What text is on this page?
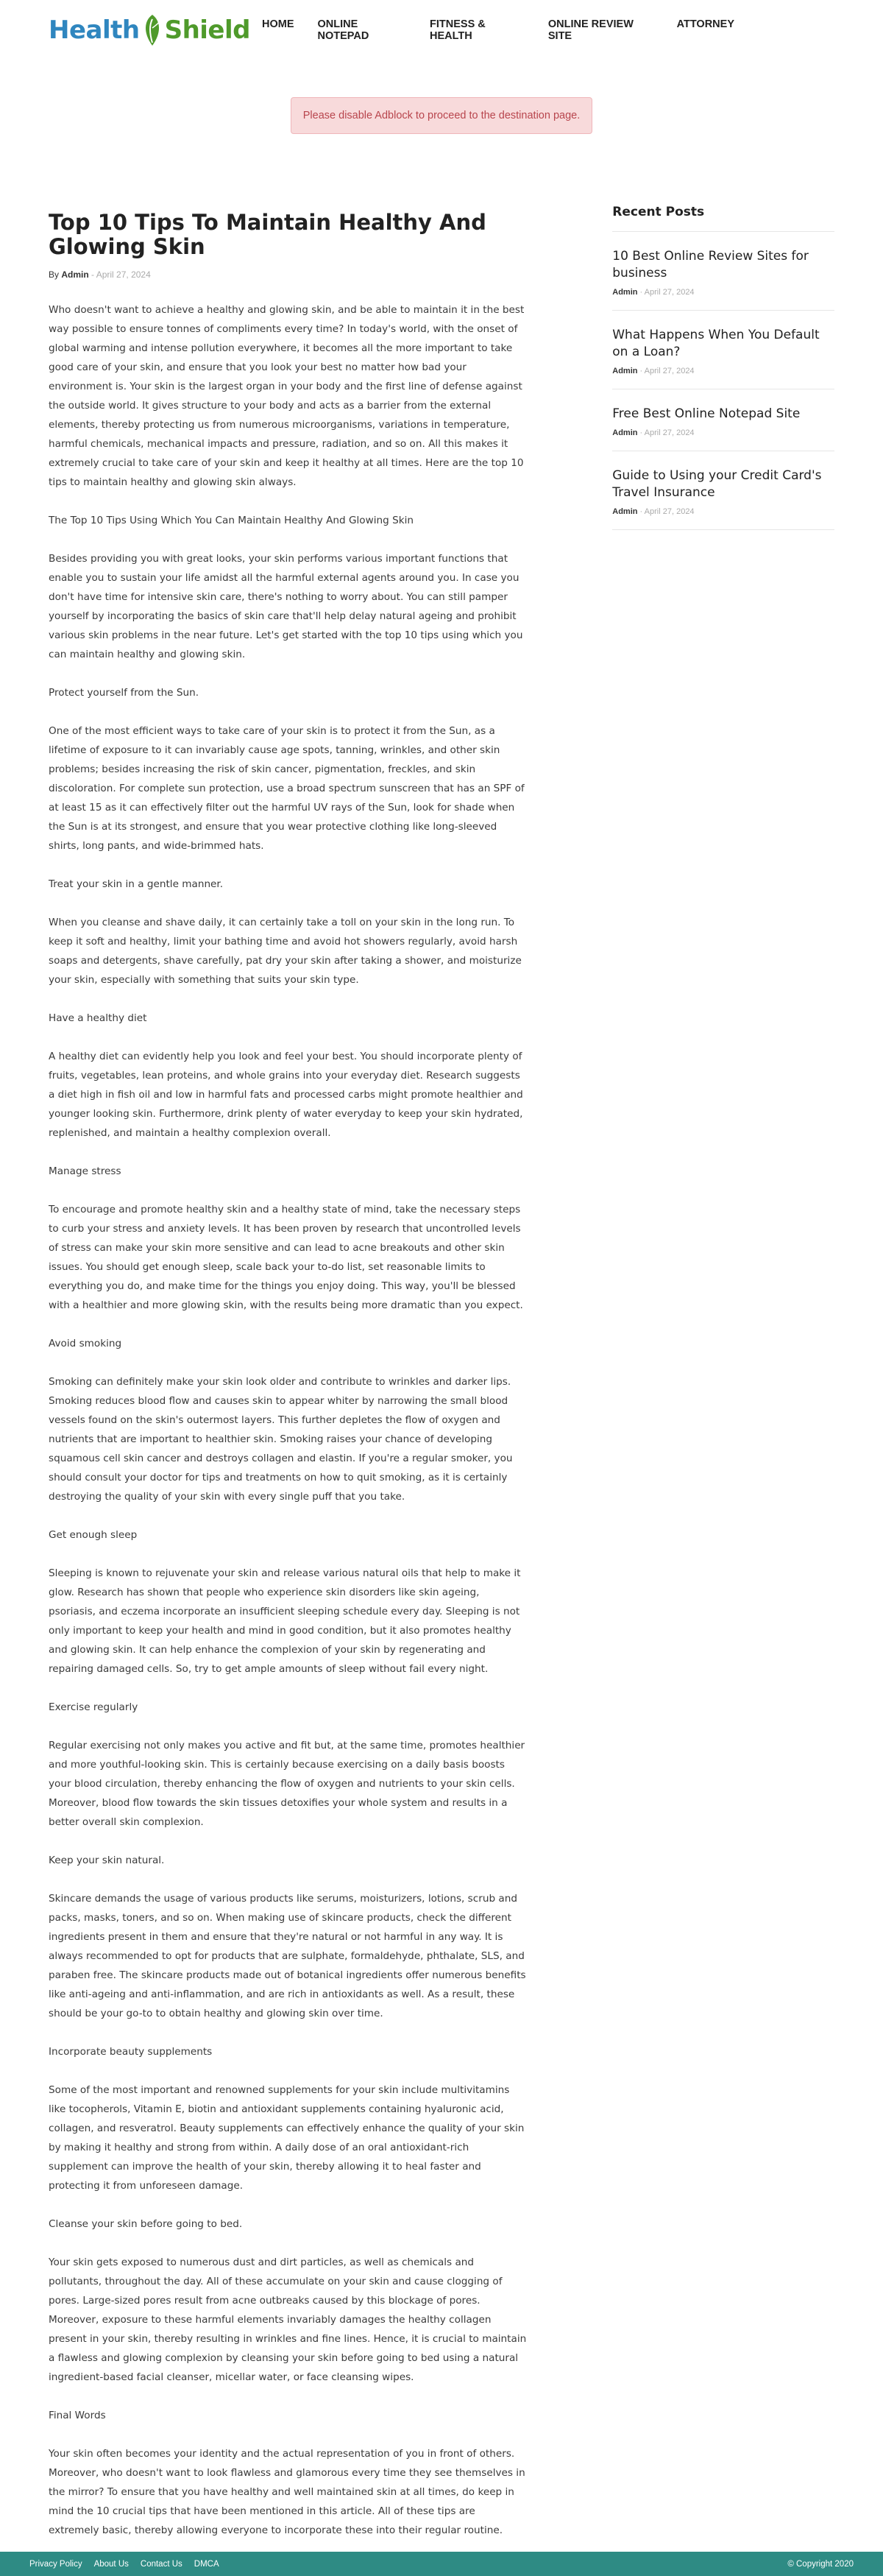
Health Shield	HOME	ONLINE NOTEPAD
FITNESS & HEALTH
ONLINE REVIEW SITE
ATTORNEY
Please disable Adblock to proceed to the destination page.
Top 10 Tips To Maintain Healthy And Glowing Skin
By Admin - April 27, 2024

Who doesn't want to achieve a healthy and glowing skin, and be able to maintain it in the best way possible to ensure tonnes of compliments every time? In today's world, with the onset of global warming and intense pollution everywhere, it becomes all the more important to take good care of your skin, and ensure that you look your best no matter how bad your environment is. Your skin is the largest organ in your body and the first line of defense against the outside world. It gives structure to your body and acts as a barrier from the external elements, thereby protecting us from numerous microorganisms, variations in temperature, harmful chemicals, mechanical impacts and pressure, radiation, and so on. All this makes it extremely crucial to take care of your skin and keep it healthy at all times. Here are the top 10 tips to maintain healthy and glowing skin always.

The Top 10 Tips Using Which You Can Maintain Healthy And Glowing Skin

Besides providing you with great looks, your skin performs various important functions that enable you to sustain your life amidst all the harmful external agents around you. In case you don't have time for intensive skin care, there's nothing to worry about. You can still pamper yourself by incorporating the basics of skin care that'll help delay natural ageing and prohibit various skin problems in the near future. Let's get started with the top 10 tips using which you can maintain healthy and glowing skin.

Protect yourself from the Sun.

One of the most efficient ways to take care of your skin is to protect it from the Sun, as a lifetime of exposure to it can invariably cause age spots, tanning, wrinkles, and other skin problems; besides increasing the risk of skin cancer, pigmentation, freckles, and skin discoloration. For complete sun protection, use a broad spectrum sunscreen that has an SPF of at least 15 as it can effectively filter out the harmful UV rays of the Sun, look for shade when the Sun is at its strongest, and ensure that you wear protective clothing like long-sleeved shirts, long pants, and wide-brimmed hats.

Treat your skin in a gentle manner.

When you cleanse and shave daily, it can certainly take a toll on your skin in the long run. To keep it soft and healthy, limit your bathing time and avoid hot showers regularly, avoid harsh soaps and detergents, shave carefully, pat dry your skin after taking a shower, and moisturize your skin, especially with something that suits your skin type.

Have a healthy diet

A healthy diet can evidently help you look and feel your best. You should incorporate plenty of fruits, vegetables, lean proteins, and whole grains into your everyday diet. Research suggests a diet high in fish oil and low in harmful fats and processed carbs might promote healthier and younger looking skin. Furthermore, drink plenty of water everyday to keep your skin hydrated, replenished, and maintain a healthy complexion overall.

Manage stress

To encourage and promote healthy skin and a healthy state of mind, take the necessary steps to curb your stress and anxiety levels. It has been proven by research that uncontrolled levels of stress can make your skin more sensitive and can lead to acne breakouts and other skin issues. You should get enough sleep, scale back your to-do list, set reasonable limits to everything you do, and make time for the things you enjoy doing. This way, you'll be blessed with a healthier and more glowing skin, with the results being more dramatic than you expect.

Avoid smoking

Smoking can definitely make your skin look older and contribute to wrinkles and darker lips. Smoking reduces blood flow and causes skin to appear whiter by narrowing the small blood vessels found on the skin's outermost layers. This further depletes the flow of oxygen and nutrients that are important to healthier skin. Smoking raises your chance of developing squamous cell skin cancer and destroys collagen and elastin. If you're a regular smoker, you should consult your doctor for tips and treatments on how to quit smoking, as it is certainly destroying the quality of your skin with every single puff that you take.

Get enough sleep

Sleeping is known to rejuvenate your skin and release various natural oils that help to make it glow. Research has shown that people who experience skin disorders like skin ageing, psoriasis, and eczema incorporate an insufficient sleeping schedule every day. Sleeping is not only important to keep your health and mind in good condition, but it also promotes healthy and glowing skin. It can help enhance the complexion of your skin by regenerating and repairing damaged cells. So, try to get ample amounts of sleep without fail every night.

Exercise regularly

Regular exercising not only makes you active and fit but, at the same time, promotes healthier and more youthful-looking skin. This is certainly because exercising on a daily basis boosts your blood circulation, thereby enhancing the flow of oxygen and nutrients to your skin cells. Moreover, blood flow towards the skin tissues detoxifies your whole system and results in a better overall skin complexion.

Keep your skin natural.

Skincare demands the usage of various products like serums, moisturizers, lotions, scrub and packs, masks, toners, and so on. When making use of skincare products, check the different ingredients present in them and ensure that they're natural or not harmful in any way. It is always recommended to opt for products that are sulphate, formaldehyde, phthalate, SLS, and paraben free. The skincare products made out of botanical ingredients offer numerous benefits like anti-ageing and anti-inflammation, and are rich in antioxidants as well. As a result, these should be your go-to to obtain healthy and glowing skin over time.

Incorporate beauty supplements

Some of the most important and renowned supplements for your skin include multivitamins like tocopherols, Vitamin E, biotin and antioxidant supplements containing hyaluronic acid, collagen, and resveratrol. Beauty supplements can effectively enhance the quality of your skin by making it healthy and strong from within. A daily dose of an oral antioxidant-rich supplement can improve the health of your skin, thereby allowing it to heal faster and protecting it from unforeseen damage.

Cleanse your skin before going to bed.

Your skin gets exposed to numerous dust and dirt particles, as well as chemicals and pollutants, throughout the day. All of these accumulate on your skin and cause clogging of pores. Large-sized pores result from acne outbreaks caused by this blockage of pores. Moreover, exposure to these harmful elements invariably damages the healthy collagen present in your skin, thereby resulting in wrinkles and fine lines. Hence, it is crucial to maintain a flawless and glowing complexion by cleansing your skin before going to bed using a natural ingredient-based facial cleanser, micellar water, or face cleansing wipes.

Final Words

Your skin often becomes your identity and the actual representation of you in front of others. Moreover, who doesn't want to look flawless and glamorous every time they see themselves in the mirror? To ensure that you have healthy and well maintained skin at all times, do keep in mind the 10 crucial tips that have been mentioned in this article. All of these tips are extremely basic, thereby allowing everyone to incorporate these into their regular routine.

Recent Posts
10 Best Online Review Sites for business
Admin · April 27, 2024
What Happens When You Default on a Loan?
Admin · April 27, 2024
Free Best Online Notepad Site
Admin · April 27, 2024
Guide to Using your Credit Card's Travel Insurance
Admin · April 27, 2024
Privacy Policy About Us Contact Us DMCA	© Copyright 2020
